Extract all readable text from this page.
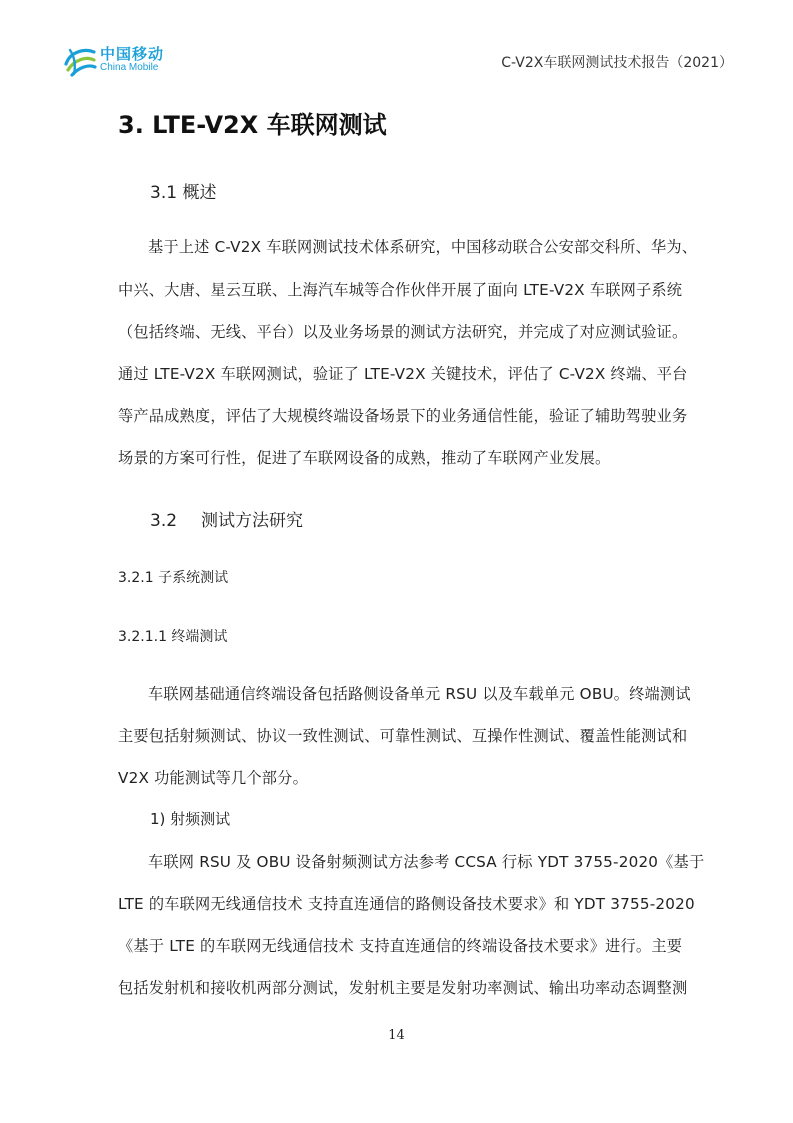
中国移动
China Mobile	C-V2X车联网测试技术报告（2021）
3. LTE-V2X 车联网测试
3.1 概述
基于上述 C-V2X 车联网测试技术体系研究，中国移动联合公安部交科所、华为、
中兴、大唐、星云互联、上海汽车城等合作伙伴开展了面向 LTE-V2X 车联网子系统
（包括终端、无线、平台）以及业务场景的测试方法研究，并完成了对应测试验证。
通过 LTE-V2X 车联网测试，验证了 LTE-V2X 关键技术，评估了 C-V2X 终端、平台
等产品成熟度，评估了大规模终端设备场景下的业务通信性能，验证了辅助驾驶业务
场景的方案可行性，促进了车联网设备的成熟，推动了车联网产业发展。
3.2 测试方法研究
3.2.1 子系统测试
3.2.1.1 终端测试
车联网基础通信终端设备包括路侧设备单元 RSU 以及车载单元 OBU。终端测试
主要包括射频测试、协议一致性测试、可靠性测试、互操作性测试、覆盖性能测试和
V2X 功能测试等几个部分。
1) 射频测试
车联网 RSU 及 OBU 设备射频测试方法参考 CCSA 行标 YDT 3755-2020《基于
LTE 的车联网无线通信技术 支持直连通信的路侧设备技术要求》和 YDT 3755-2020
《基于 LTE 的车联网无线通信技术 支持直连通信的终端设备技术要求》进行。主要
包括发射机和接收机两部分测试，发射机主要是发射功率测试、输出功率动态调整测
14
